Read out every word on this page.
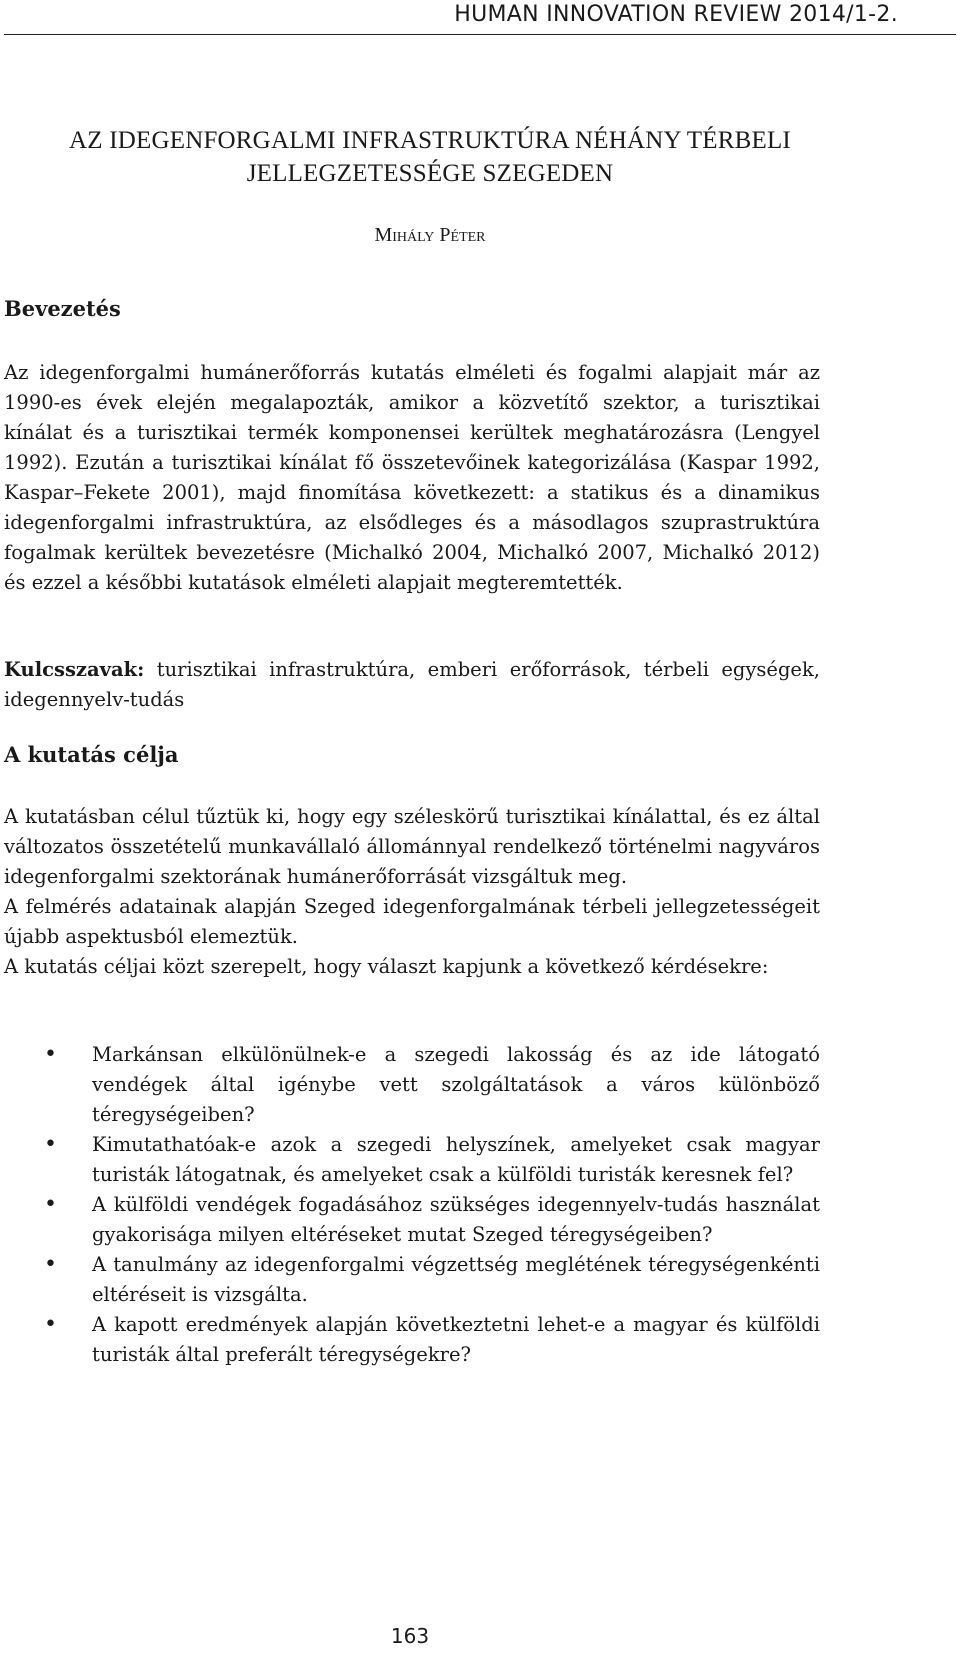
HUMAN INNOVATION REVIEW 2014/1-2.
AZ IDEGENFORGALMI INFRASTRUKTÚRA NÉHÁNY TÉRBELI
JELLEGZETESSÉGE SZEGEDEN
Mihály Péter
Bevezetés

Az idegenforgalmi humánerőforrás kutatás elméleti és fogalmi alapjait már az 1990-es évek elején megalapozták, amikor a közvetítő szektor, a turisztikai kínálat és a turisztikai termék komponensei kerültek meghatározásra (Lengyel 1992). Ezután a turisztikai kínálat fő összetevőinek kategorizálása (Kaspar 1992, Kaspar–Fekete 2001), majd finomítása következett: a statikus és a dinamikus idegenforgalmi infrastruktúra, az elsődleges és a másodlagos szuprastruktúra fogalmak kerültek bevezetésre (Michalkó 2004, Michalkó 2007, Michalkó 2012) és ezzel a későbbi kutatások elméleti alapjait megteremtették.

Kulcsszavak: turisztikai infrastruktúra, emberi erőforrások, térbeli egységek, idegennyelv-tudás

A kutatás célja

A kutatásban célul tűztük ki, hogy egy széleskörű turisztikai kínálattal, és ez által változatos összetételű munkavállaló állománnyal rendelkező történelmi nagyváros idegenforgalmi szektorának humánerőforrását vizsgáltuk meg.

A felmérés adatainak alapján Szeged idegenforgalmának térbeli jellegzetességeit újabb aspektusból elemeztük.

A kutatás céljai közt szerepelt, hogy választ kapjunk a következő kérdésekre:

• Markánsan elkülönülnek-e a szegedi lakosság és az ide látogató vendégek által igénybe vett szolgáltatások a város különböző téregységeiben?
• Kimutathatóak-e azok a szegedi helyszínek, amelyeket csak magyar turisták látogatnak, és amelyeket csak a külföldi turisták keresnek fel?
• A külföldi vendégek fogadásához szükséges idegennyelv-tudás használat gyakorisága milyen eltéréseket mutat Szeged téregységeiben?
• A tanulmány az idegenforgalmi végzettség meglétének téregységenkénti eltéréseit is vizsgálta.
• A kapott eredmények alapján következtetni lehet-e a magyar és külföldi turisták által preferált téregységekre?
163
